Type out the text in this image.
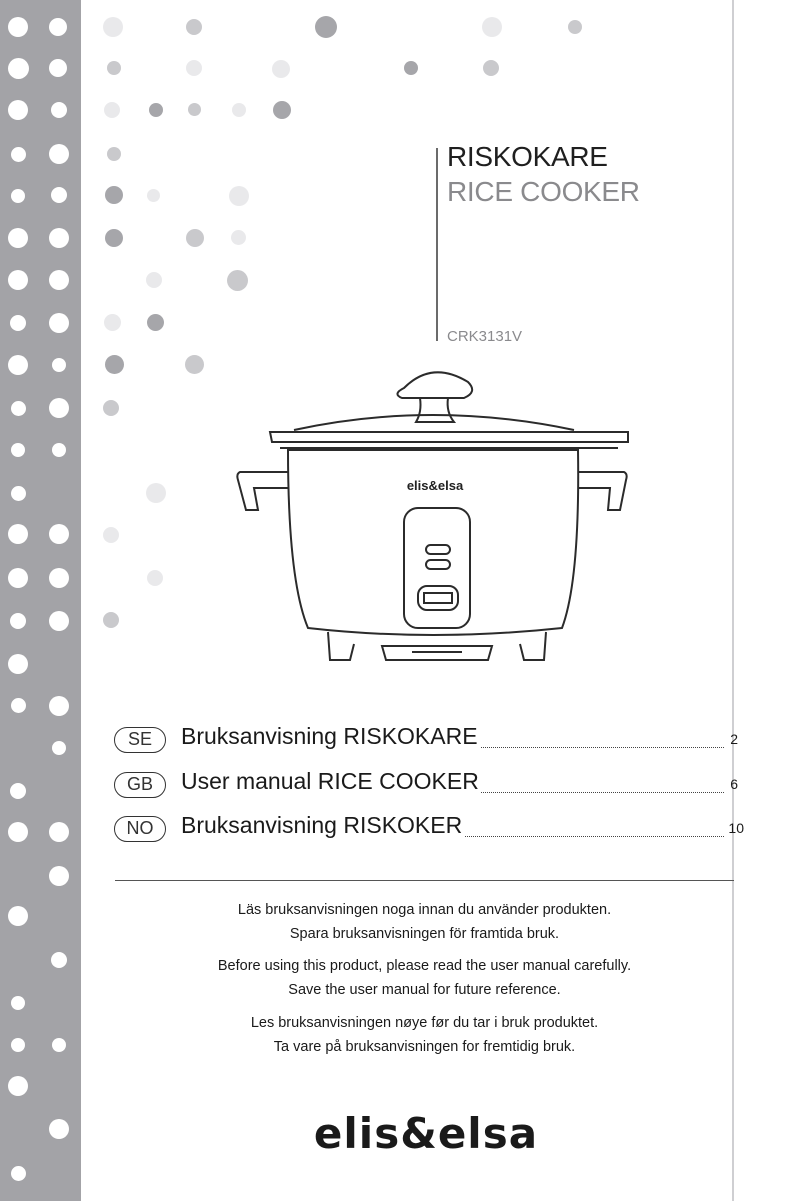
RISKOKARE
RICE COOKER
CRK3131V
elis&elsa
SE	Bruksanvisning RISKOKARE	2
GB	User manual RICE COOKER	6
NO	Bruksanvisning RISKOKER	10
Läs bruksanvisningen noga innan du använder produkten.
Spara bruksanvisningen för framtida bruk.
Before using this product, please read the user manual carefully.
Save the user manual for future reference.
Les bruksanvisningen nøye før du tar i bruk produktet.
Ta vare på bruksanvisningen for fremtidig bruk.
elis&elsa
